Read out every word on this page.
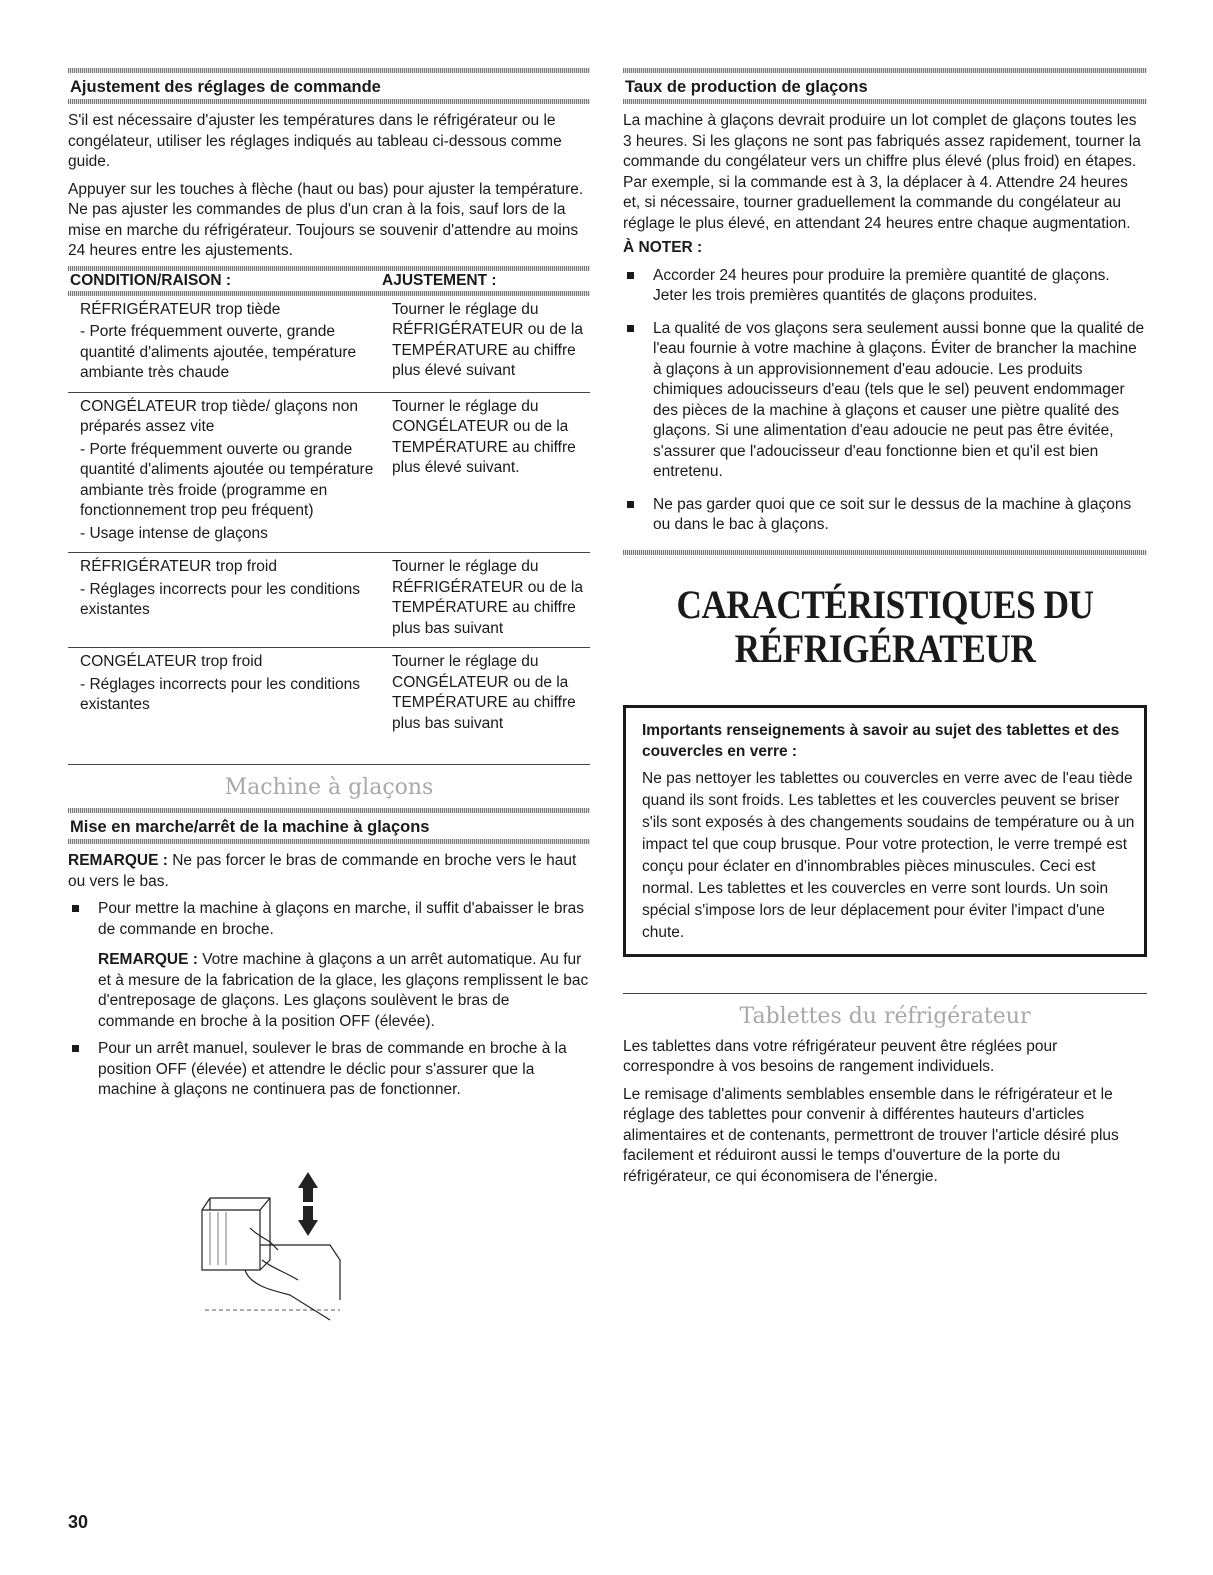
Ajustement des réglages de commande

S'il est nécessaire d'ajuster les températures dans le réfrigérateur ou le congélateur, utiliser les réglages indiqués au tableau ci-dessous comme guide.

Appuyer sur les touches à flèche (haut ou bas) pour ajuster la température. Ne pas ajuster les commandes de plus d'un cran à la fois, sauf lors de la mise en marche du réfrigérateur. Toujours se souvenir d'attendre au moins 24 heures entre les ajustements.

CONDITION/RAISON :	AJUSTEMENT :
RÉFRIGÉRATEUR trop tiède
- Porte fréquemment ouverte, grande quantité d'aliments ajoutée, température ambiante très chaude
Tourner le réglage du RÉFRIGÉRATEUR ou de la TEMPÉRATURE au chiffre plus élevé suivant
CONGÉLATEUR trop tiède/ glaçons non préparés assez vite
- Porte fréquemment ouverte ou grande quantité d'aliments ajoutée ou température ambiante très froide (programme en fonctionnement trop peu fréquent)
- Usage intense de glaçons
Tourner le réglage du CONGÉLATEUR ou de la TEMPÉRATURE au chiffre plus élevé suivant.
RÉFRIGÉRATEUR trop froid
- Réglages incorrects pour les conditions existantes
Tourner le réglage du RÉFRIGÉRATEUR ou de la TEMPÉRATURE au chiffre plus bas suivant
CONGÉLATEUR trop froid
- Réglages incorrects pour les conditions existantes
Tourner le réglage du CONGÉLATEUR ou de la TEMPÉRATURE au chiffre plus bas suivant
Machine à glaçons
Mise en marche/arrêt de la machine à glaçons

REMARQUE : Ne pas forcer le bras de commande en broche vers le haut ou vers le bas.

Pour mettre la machine à glaçons en marche, il suffit d'abaisser le bras de commande en broche.

REMARQUE : Votre machine à glaçons a un arrêt automatique. Au fur et à mesure de la fabrication de la glace, les glaçons remplissent le bac d'entreposage de glaçons. Les glaçons soulèvent le bras de commande en broche à la position OFF (élevée).

Pour un arrêt manuel, soulever le bras de commande en broche à la position OFF (élevée) et attendre le déclic pour s'assurer que la machine à glaçons ne continuera pas de fonctionner.

Taux de production de glaçons

La machine à glaçons devrait produire un lot complet de glaçons toutes les 3 heures. Si les glaçons ne sont pas fabriqués assez rapidement, tourner la commande du congélateur vers un chiffre plus élevé (plus froid) en étapes. Par exemple, si la commande est à 3, la déplacer à 4. Attendre 24 heures et, si nécessaire, tourner graduellement la commande du congélateur au réglage le plus élevé, en attendant 24 heures entre chaque augmentation.

À NOTER :

Accorder 24 heures pour produire la première quantité de glaçons. Jeter les trois premières quantités de glaçons produites.

La qualité de vos glaçons sera seulement aussi bonne que la qualité de l'eau fournie à votre machine à glaçons. Éviter de brancher la machine à glaçons à un approvisionnement d'eau adoucie. Les produits chimiques adoucisseurs d'eau (tels que le sel) peuvent endommager des pièces de la machine à glaçons et causer une piètre qualité des glaçons. Si une alimentation d'eau adoucie ne peut pas être évitée, s'assurer que l'adoucisseur d'eau fonctionne bien et qu'il est bien entretenu.

Ne pas garder quoi que ce soit sur le dessus de la machine à glaçons ou dans le bac à glaçons.

CARACTÉRISTIQUES DU
RÉFRIGÉRATEUR
Importants renseignements à savoir au sujet des tablettes et des couvercles en verre :

Ne pas nettoyer les tablettes ou couvercles en verre avec de l'eau tiède quand ils sont froids. Les tablettes et les couvercles peuvent se briser s'ils sont exposés à des changements soudains de température ou à un impact tel que coup brusque. Pour votre protection, le verre trempé est conçu pour éclater en d'innombrables pièces minuscules. Ceci est normal. Les tablettes et les couvercles en verre sont lourds. Un soin spécial s'impose lors de leur déplacement pour éviter l'impact d'une chute.

Tablettes du réfrigérateur

Les tablettes dans votre réfrigérateur peuvent être réglées pour correspondre à vos besoins de rangement individuels.

Le remisage d'aliments semblables ensemble dans le réfrigérateur et le réglage des tablettes pour convenir à différentes hauteurs d'articles alimentaires et de contenants, permettront de trouver l'article désiré plus facilement et réduiront aussi le temps d'ouverture de la porte du réfrigérateur, ce qui économisera de l'énergie.

30
